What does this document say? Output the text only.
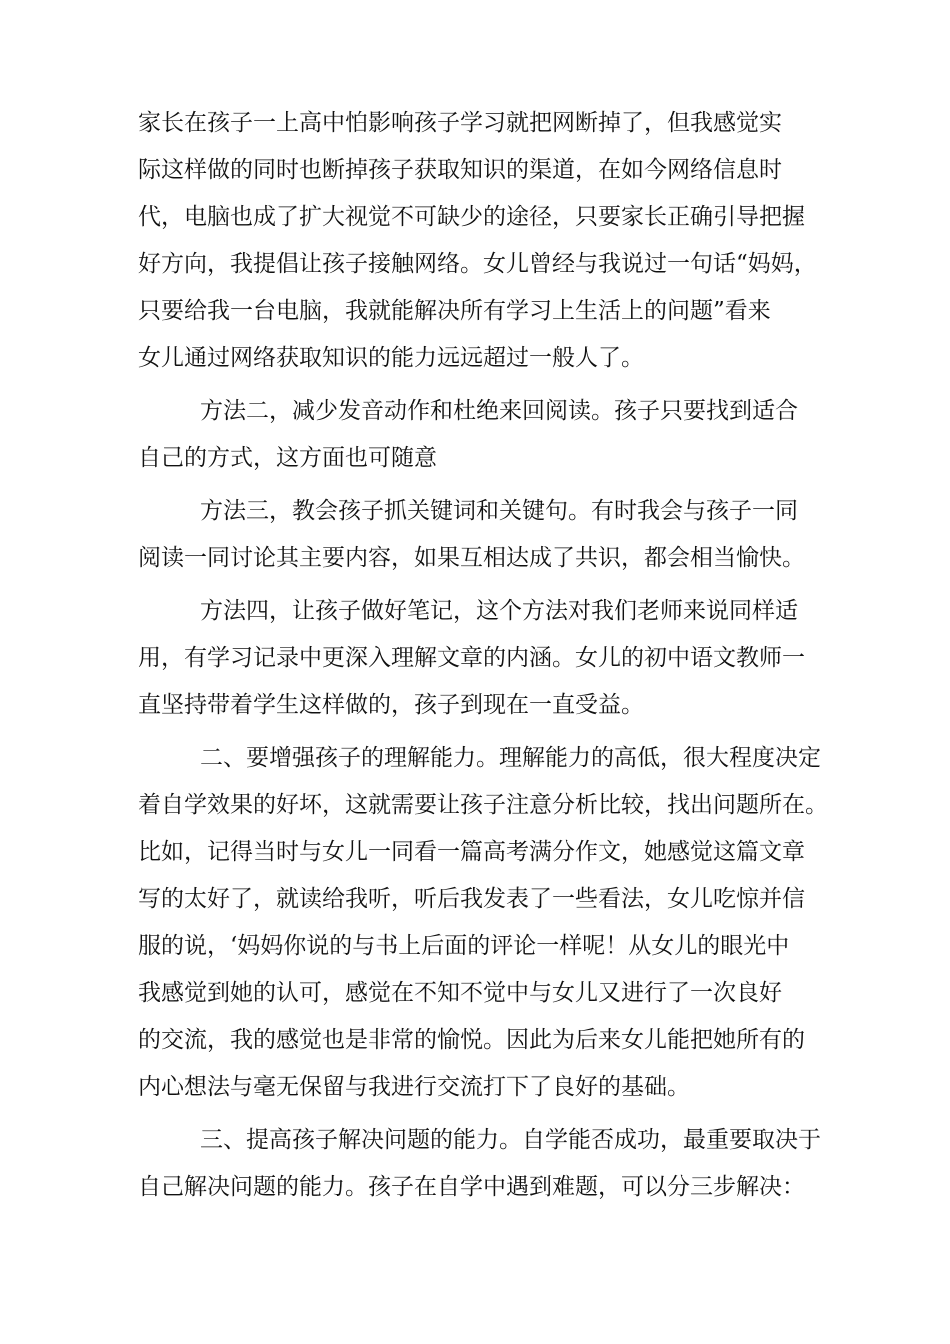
家长在孩子一上高中怕影响孩子学习就把网断掉了，但我感觉实
际这样做的同时也断掉孩子获取知识的渠道，在如今网络信息时
代，电脑也成了扩大视觉不可缺少的途径，只要家长正确引导把握
好方向，我提倡让孩子接触网络。女儿曾经与我说过一句话“妈妈，
只要给我一台电脑，我就能解决所有学习上生活上的问题”看来
女儿通过网络获取知识的能力远远超过一般人了。
方法二，减少发音动作和杜绝来回阅读。孩子只要找到适合
自己的方式，这方面也可随意
方法三，教会孩子抓关键词和关键句。有时我会与孩子一同
阅读一同讨论其主要内容，如果互相达成了共识，都会相当愉快。
方法四，让孩子做好笔记，这个方法对我们老师来说同样适
用，有学习记录中更深入理解文章的内涵。女儿的初中语文教师一
直坚持带着学生这样做的，孩子到现在一直受益。
二、要增强孩子的理解能力。理解能力的高低，很大程度决定
着自学效果的好坏，这就需要让孩子注意分析比较，找出问题所在。
比如，记得当时与女儿一同看一篇高考满分作文，她感觉这篇文章
写的太好了，就读给我听，听后我发表了一些看法，女儿吃惊并信
服的说，‘妈妈你说的与书上后面的评论一样呢！从女儿的眼光中
我感觉到她的认可，感觉在不知不觉中与女儿又进行了一次良好
的交流，我的感觉也是非常的愉悦。因此为后来女儿能把她所有的
内心想法与毫无保留与我进行交流打下了良好的基础。
三、提高孩子解决问题的能力。自学能否成功，最重要取决于
自己解决问题的能力。孩子在自学中遇到难题，可以分三步解决：
